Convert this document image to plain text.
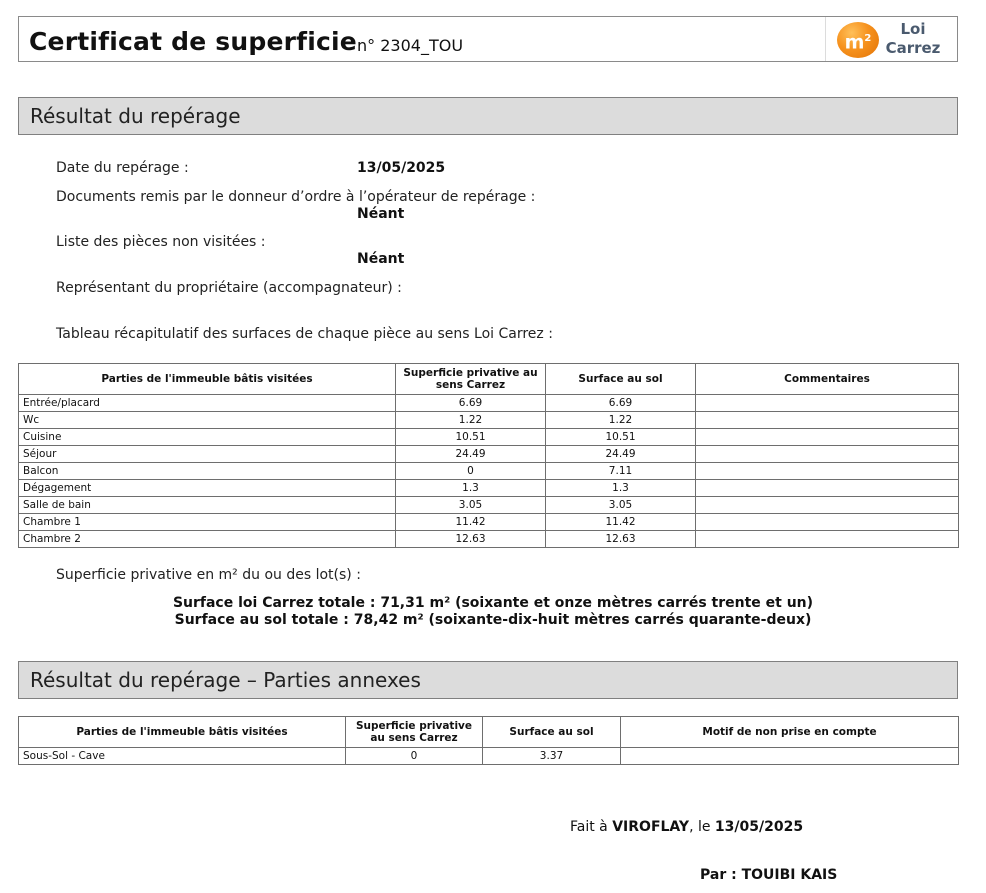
Certificat de superficie n° 2304_TOU	$m^2$
Loi
Carrez
Résultat du repérage
Date du repérage :	13/05/2025
Documents remis par le donneur d’ordre à l’opérateur de repérage :
Néant
Liste des pièces non visitées :
Néant
Représentant du propriétaire (accompagnateur) :
Tableau récapitulatif des surfaces de chaque pièce au sens Loi Carrez :
Parties de l'immeuble bâtis visitées	Superficie privative au sens Carrez	Surface au sol	Commentaires
Entrée/placard	6.69	6.69	
Wc	1.22	1.22	
Cuisine	10.51	10.51	
Séjour	24.49	24.49	
Balcon	0	7.11	
Dégagement	1.3	1.3	
Salle de bain	3.05	3.05	
Chambre 1	11.42	11.42	
Chambre 2	12.63	12.63	
Superficie privative en m² du ou des lot(s) :
Surface loi Carrez totale : 71,31 m² (soixante et onze mètres carrés trente et un)
Surface au sol totale : 78,42 m² (soixante-dix-huit mètres carrés quarante-deux)
Résultat du repérage – Parties annexes
Parties de l'immeuble bâtis visitées	Superficie privative au sens Carrez	Surface au sol	Motif de non prise en compte
Sous-Sol - Cave	0	3.37	
Fait à VIROFLAY, le 13/05/2025
Par : TOUIBI KAIS
